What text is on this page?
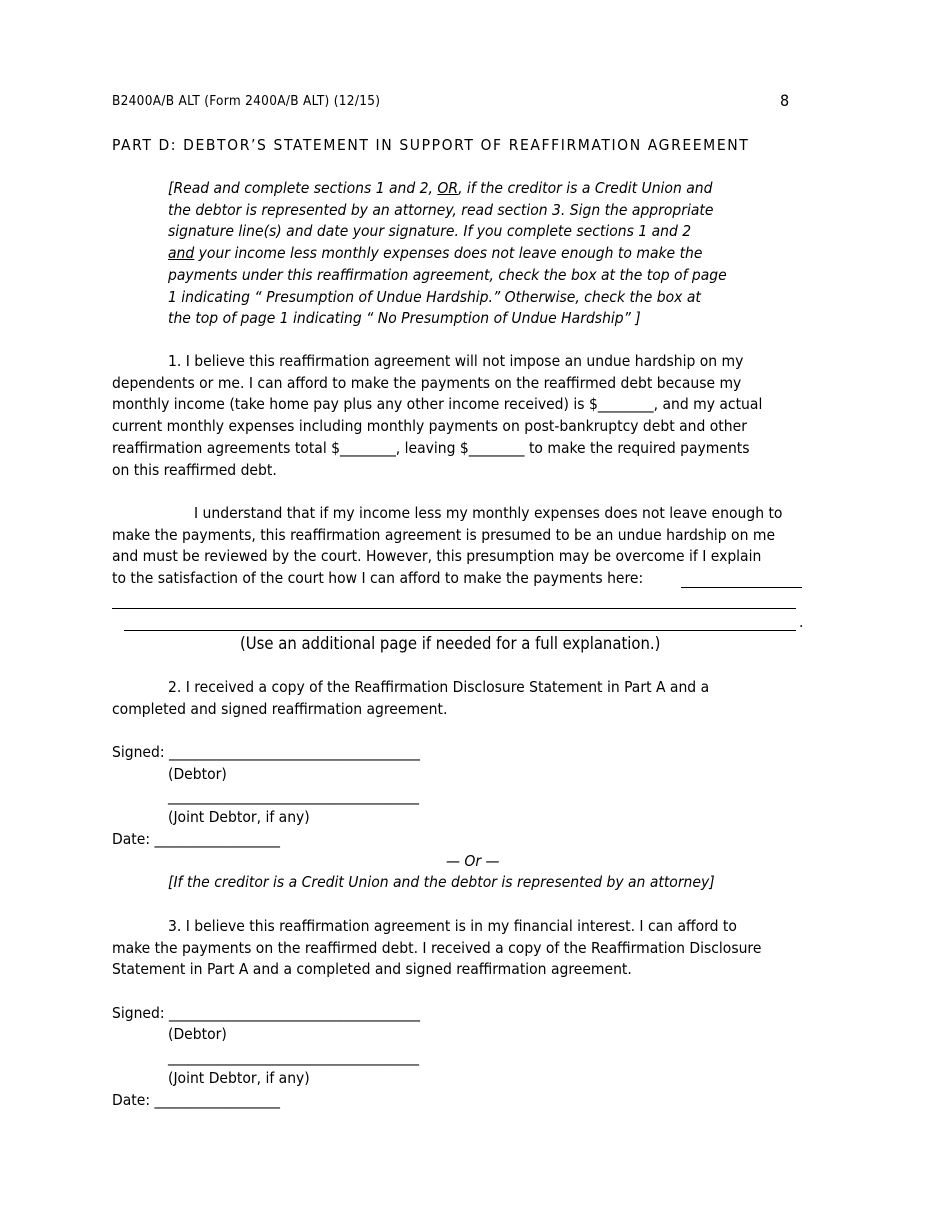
B2400A/B ALT (Form 2400A/B ALT) (12/15)	8
PART D: DEBTOR’S STATEMENT IN SUPPORT OF REAFFIRMATION AGREEMENT
[Read and complete sections 1 and 2, OR, if the creditor is a Credit Union and
the debtor is represented by an attorney, read section 3. Sign the appropriate
signature line(s) and date your signature. If you complete sections 1 and 2
and your income less monthly expenses does not leave enough to make the
payments under this reaffirmation agreement, check the box at the top of page
1 indicating “ Presumption of Undue Hardship.” Otherwise, check the box at
the top of page 1 indicating “ No Presumption of Undue Hardship” ]
1. I believe this reaffirmation agreement will not impose an undue hardship on my
dependents or me. I can afford to make the payments on the reaffirmed debt because my
monthly income (take home pay plus any other income received) is $________, and my actual
current monthly expenses including monthly payments on post-bankruptcy debt and other
reaffirmation agreements total $________, leaving $________ to make the required payments
on this reaffirmed debt.
I understand that if my income less my monthly expenses does not leave enough to
make the payments, this reaffirmation agreement is presumed to be an undue hardship on me
and must be reviewed by the court. However, this presumption may be overcome if I explain
to the satisfaction of the court how I can afford to make the payments here:
.
(Use an additional page if needed for a full explanation.)
2. I received a copy of the Reaffirmation Disclosure Statement in Part A and a
completed and signed reaffirmation agreement.
Signed: ____________________________________
(Debtor)
____________________________________
(Joint Debtor, if any)
Date: __________________
— Or —
[If the creditor is a Credit Union and the debtor is represented by an attorney]
3. I believe this reaffirmation agreement is in my financial interest. I can afford to
make the payments on the reaffirmed debt. I received a copy of the Reaffirmation Disclosure
Statement in Part A and a completed and signed reaffirmation agreement.
Signed: ____________________________________
(Debtor)
____________________________________
(Joint Debtor, if any)
Date: __________________
